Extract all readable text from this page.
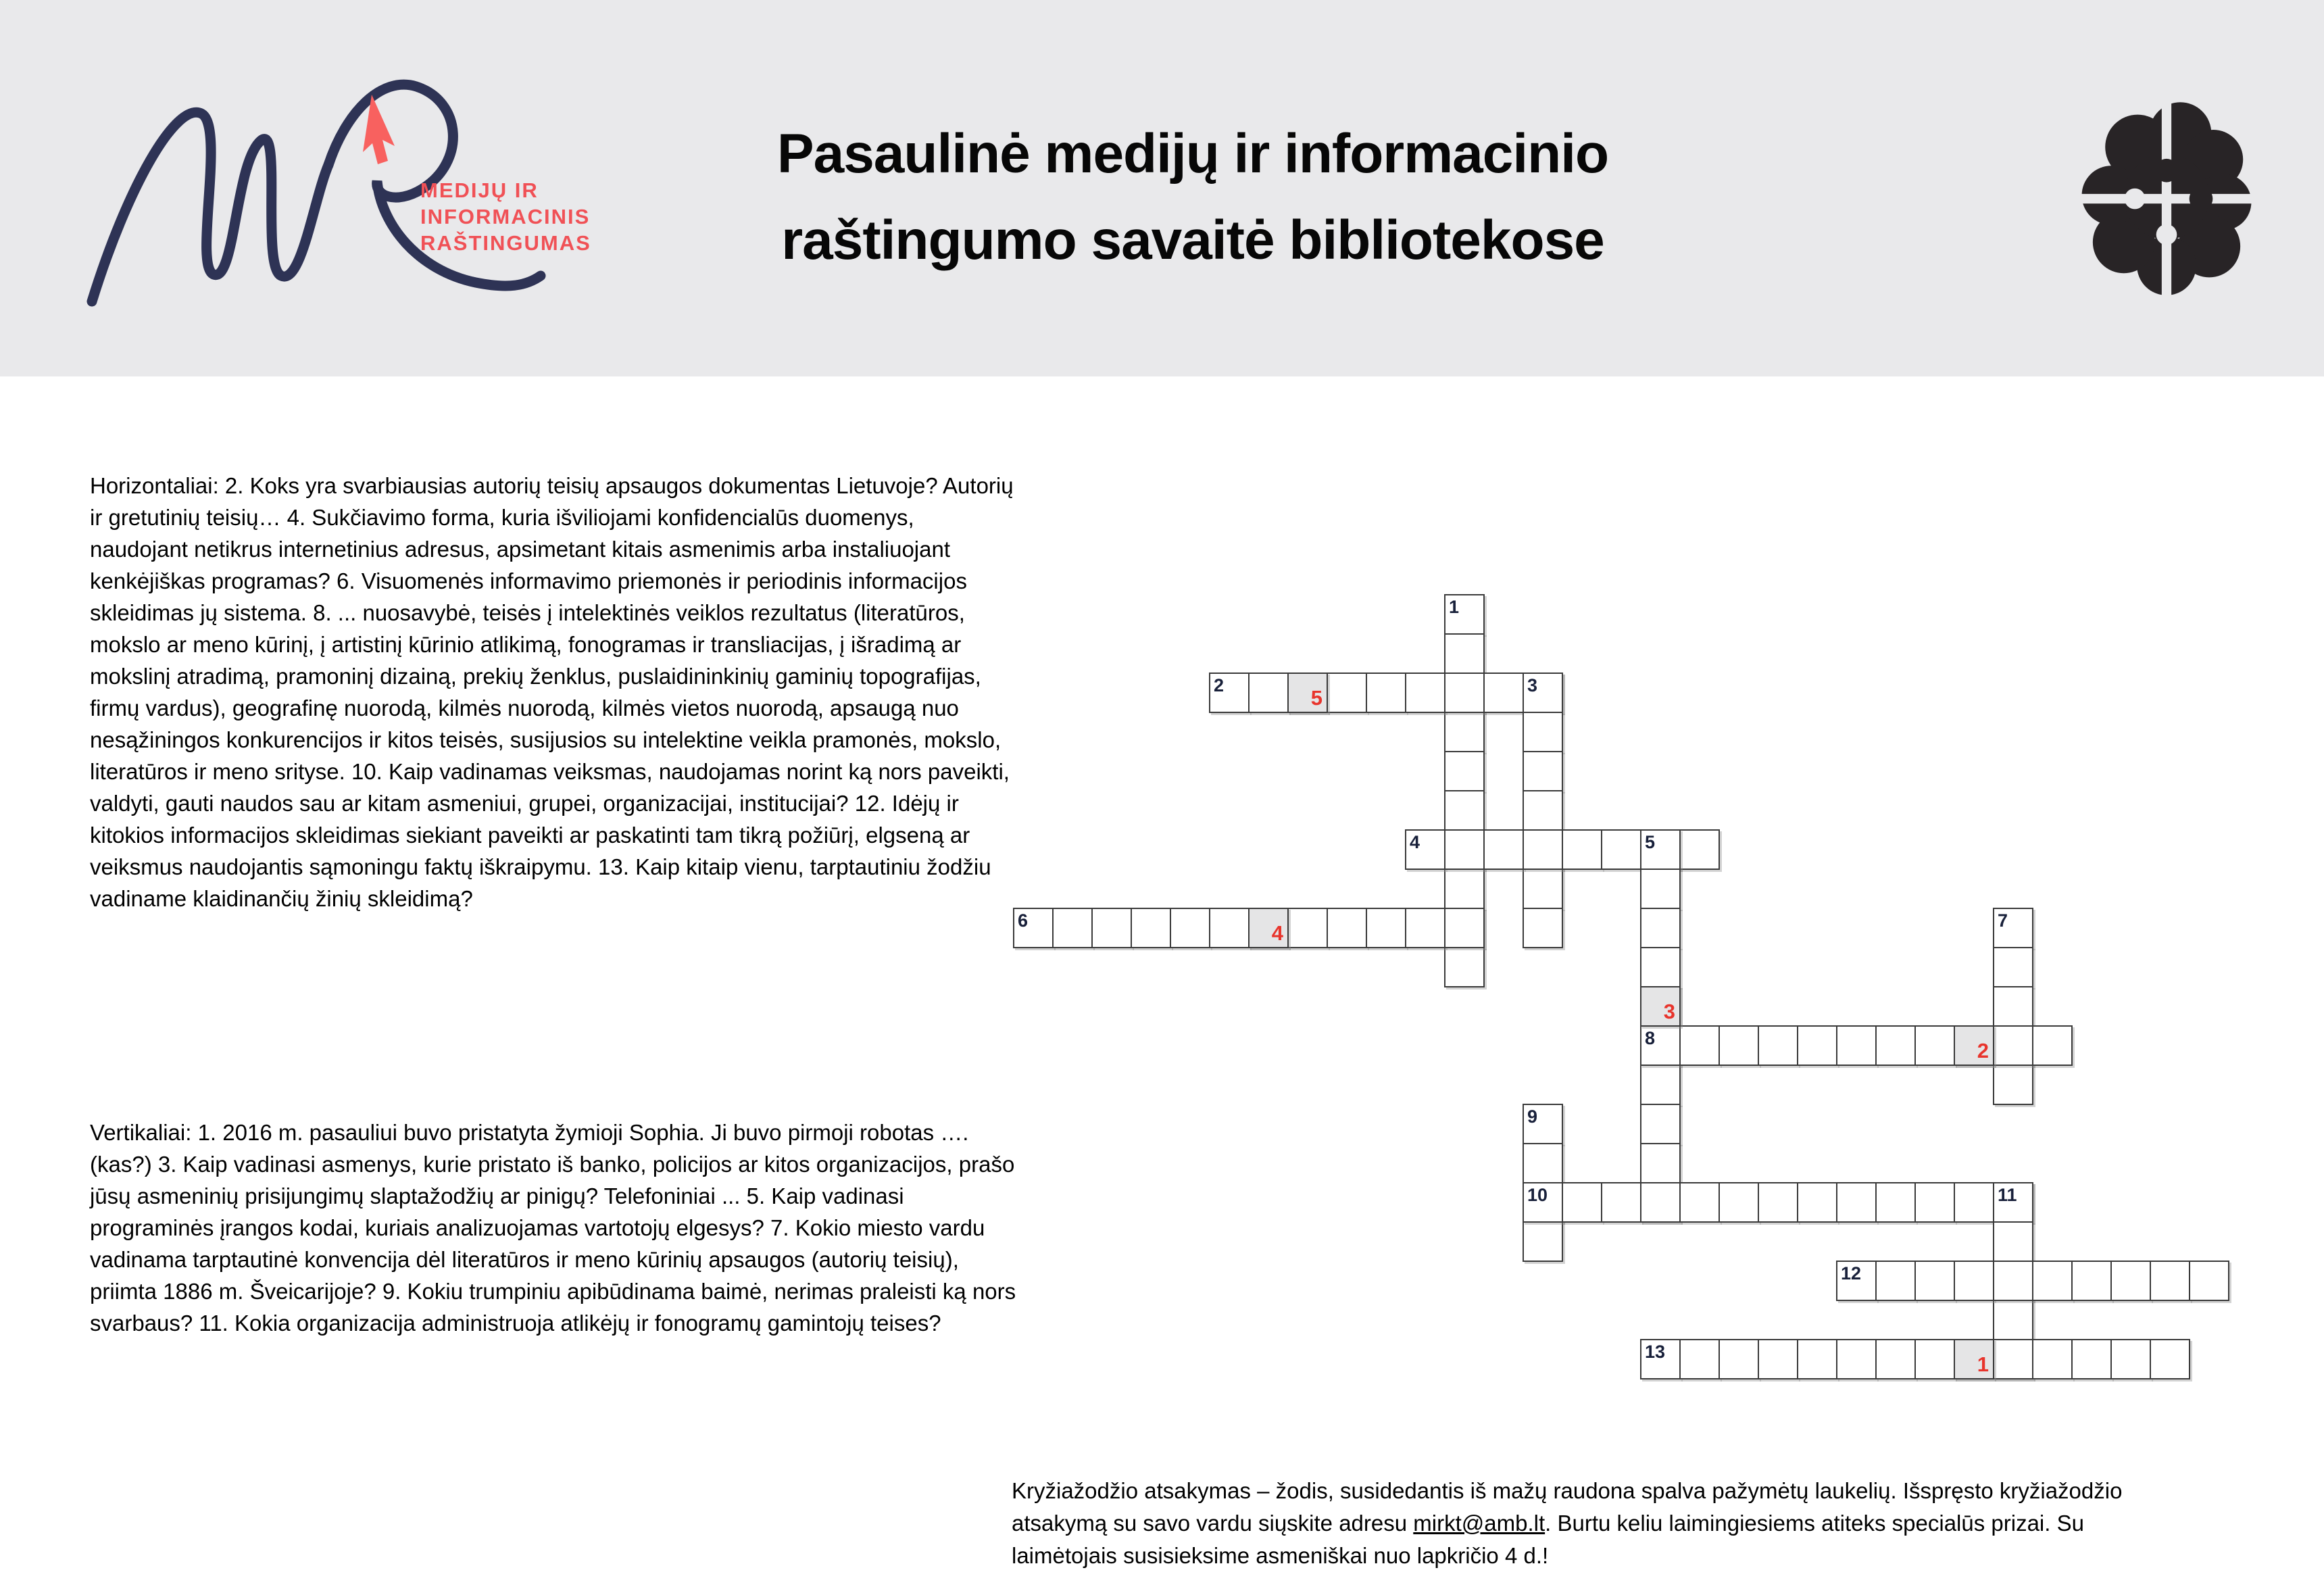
MEDIJŲ IR
INFORMACINIS
RAŠTINGUMAS
Pasaulinė medijų ir informacinio
raštingumo savaitė bibliotekose
Horizontaliai: 2. Koks yra svarbiausias autorių teisių apsaugos dokumentas Lietuvoje? Autorių ir gretutinių teisių… 4. Sukčiavimo forma, kuria išviliojami konfidencialūs duomenys, naudojant netikrus internetinius adresus, apsimetant kitais asmenimis arba instaliuojant kenkėjiškas programas? 6. Visuomenės informavimo priemonės ir periodinis informacijos skleidimas jų sistema. 8. ... nuosavybė, teisės į intelektinės veiklos rezultatus (literatūros, mokslo ar meno kūrinį, į artistinį kūrinio atlikimą, fonogramas ir transliacijas, į išradimą ar mokslinį atradimą, pramoninį dizainą, prekių ženklus, puslaidininkinių gaminių topografijas, firmų vardus), geografinę nuorodą, kilmės nuorodą, kilmės vietos nuorodą, apsaugą nuo nesąžiningos konkurencijos ir kitos teisės, susijusios su intelektine veikla pramonės, mokslo, literatūros ir meno srityse. 10. Kaip vadinamas veiksmas, naudojamas norint ką nors paveikti, valdyti, gauti naudos sau ar kitam asmeniui, grupei, organizacijai, institucijai? 12. Idėjų ir kitokios informacijos skleidimas siekiant paveikti ar paskatinti tam tikrą požiūrį, elgseną ar veiksmus naudojantis sąmoningu faktų iškraipymu. 13. Kaip kitaip vienu, tarptautiniu žodžiu vadiname klaidinančių žinių skleidimą?
Vertikaliai: 1. 2016 m. pasauliui buvo pristatyta žymioji Sophia. Ji buvo pirmoji robotas …. (kas?) 3. Kaip vadinasi asmenys, kurie pristato iš banko, policijos ar kitos organizacijos, prašo jūsų asmeninių prisijungimų slaptažodžių ar pinigų? Telefoniniai ... 5. Kaip vadinasi programinės įrangos kodai, kuriais analizuojamas vartotojų elgesys? 7. Kokio miesto vardu vadinama tarptautinė konvencija dėl literatūros ir meno kūrinių apsaugos (autorių teisių), priimta 1886 m. Šveicarijoje? 9. Kokiu trumpiniu apibūdinama baimė, nerimas praleisti ką nors svarbaus? 11. Kokia organizacija administruoja atlikėjų ir fonogramų gamintojų teises?
5
4
3
2
1
1
2	3
4	5
6	7
8
9
10	11
12
13
Kryžiažodžio atsakymas – žodis, susidedantis iš mažų raudona spalva pažymėtų laukelių. Išspręsto kryžiažodžio atsakymą su savo vardu siųskite adresu mirkt@amb.lt. Burtu keliu laimingiesiems atiteks specialūs prizai. Su laimėtojais susisieksime asmeniškai nuo lapkričio 4 d.!
